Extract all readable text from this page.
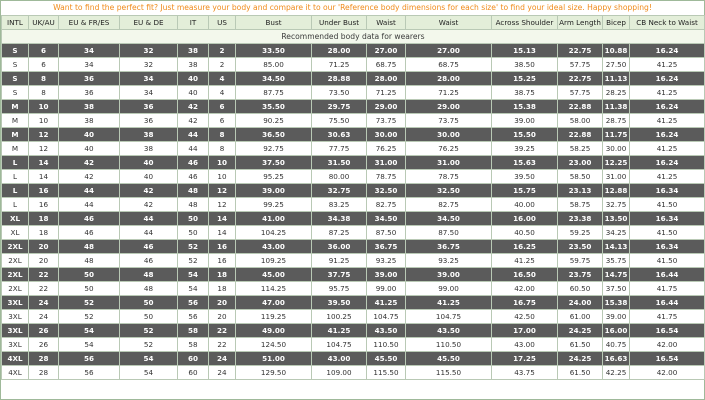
Want to find the perfect fit? Just measure your body and compare it to our 'Reference body dimensions for each size' to find your ideal size. Happy shopping!
Recommended body data for wearers													
INTL	UK/AU	EU & FR/ES	EU & DE	IT	US	Bust	Under Bust	Waist	Waist	Across Shoulder	Arm Length	Bicep	CB Neck to Waist
S	6	34	32	38	2	33.50	28.00	27.00	27.00	15.13	22.75	10.88	16.24
S	6	34	32	38	2	85.00	71.25	68.75	68.75	38.50	57.75	27.50	41.25
S	8	36	34	40	4	34.50	28.88	28.00	28.00	15.25	22.75	11.13	16.24
S	8	36	34	40	4	87.75	73.50	71.25	71.25	38.75	57.75	28.25	41.25
M	10	38	36	42	6	35.50	29.75	29.00	29.00	15.38	22.88	11.38	16.24
M	10	38	36	42	6	90.25	75.50	73.75	73.75	39.00	58.00	28.75	41.25
M	12	40	38	44	8	36.50	30.63	30.00	30.00	15.50	22.88	11.75	16.24
M	12	40	38	44	8	92.75	77.75	76.25	76.25	39.25	58.25	30.00	41.25
L	14	42	40	46	10	37.50	31.50	31.00	31.00	15.63	23.00	12.25	16.24
L	14	42	40	46	10	95.25	80.00	78.75	78.75	39.50	58.50	31.00	41.25
L	16	44	42	48	12	39.00	32.75	32.50	32.50	15.75	23.13	12.88	16.34
L	16	44	42	48	12	99.25	83.25	82.75	82.75	40.00	58.75	32.75	41.50
XL	18	46	44	50	14	41.00	34.38	34.50	34.50	16.00	23.38	13.50	16.34
XL	18	46	44	50	14	104.25	87.25	87.50	87.50	40.50	59.25	34.25	41.50
2XL	20	48	46	52	16	43.00	36.00	36.75	36.75	16.25	23.50	14.13	16.34
2XL	20	48	46	52	16	109.25	91.25	93.25	93.25	41.25	59.75	35.75	41.50
2XL	22	50	48	54	18	45.00	37.75	39.00	39.00	16.50	23.75	14.75	16.44
2XL	22	50	48	54	18	114.25	95.75	99.00	99.00	42.00	60.50	37.50	41.75
3XL	24	52	50	56	20	47.00	39.50	41.25	41.25	16.75	24.00	15.38	16.44
3XL	24	52	50	56	20	119.25	100.25	104.75	104.75	42.50	61.00	39.00	41.75
3XL	26	54	52	58	22	49.00	41.25	43.50	43.50	17.00	24.25	16.00	16.54
3XL	26	54	52	58	22	124.50	104.75	110.50	110.50	43.00	61.50	40.75	42.00
4XL	28	56	54	60	24	51.00	43.00	45.50	45.50	17.25	24.25	16.63	16.54
4XL	28	56	54	60	24	129.50	109.00	115.50	115.50	43.75	61.50	42.25	42.00
